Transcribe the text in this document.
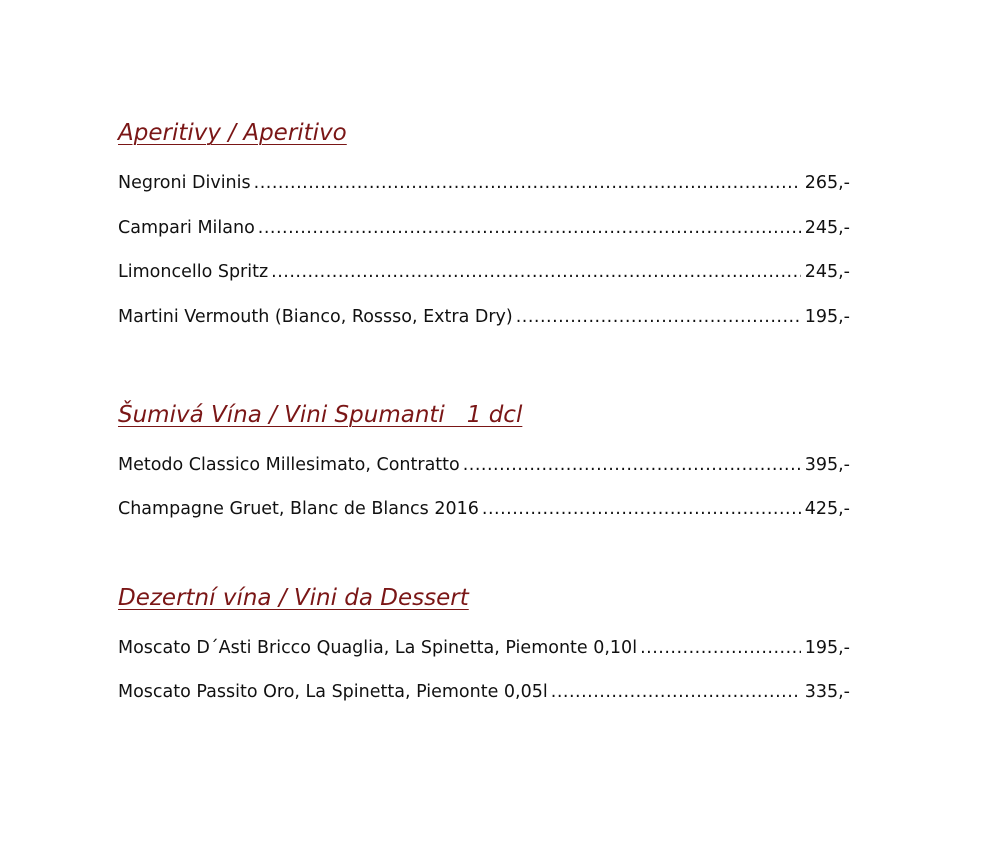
Aperitivy / Aperitivo
Negroni Divinis .....	265,-
Campari Milano .....	245,-
Limoncello Spritz .....	245,-
Martini Vermouth (Bianco, Rossso, Extra Dry) .....	195,-
Šumivá Vína / Vini Spumanti   1 dcl
Metodo Classico Millesimato, Contratto .....	395,-
Champagne Gruet, Blanc de Blancs 2016 .....	425,-
Dezertní vína / Vini da Dessert
Moscato D´Asti Bricco Quaglia, La Spinetta, Piemonte 0,10l .....	195,-
Moscato Passito Oro, La Spinetta, Piemonte 0,05l .....	335,-
